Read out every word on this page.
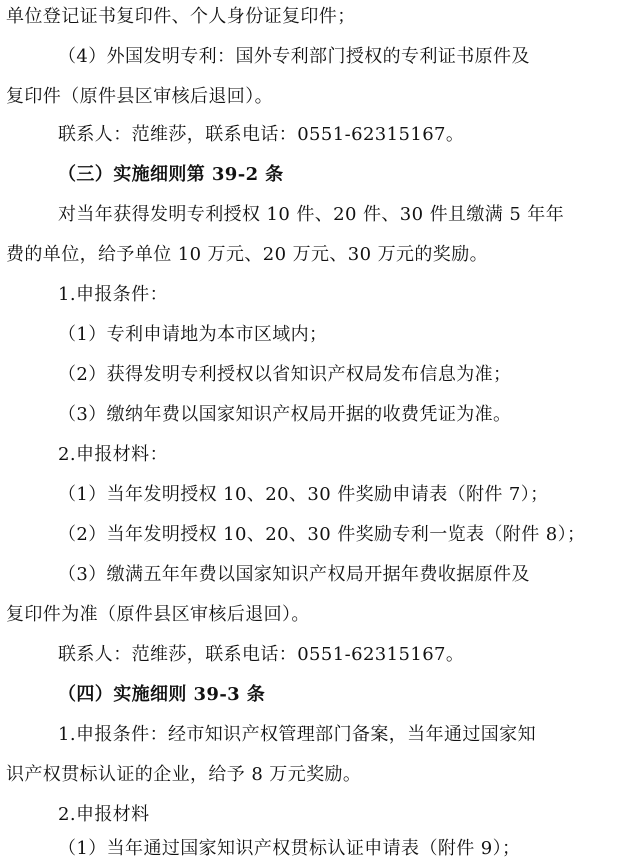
单位登记证书复印件、个人身份证复印件；
（4）外国发明专利：国外专利部门授权的专利证书原件及
复印件（原件县区审核后退回）。
联系人：范维莎，联系电话：0551-62315167。
（三）实施细则第 39-2 条
对当年获得发明专利授权 10 件、20 件、30 件且缴满 5 年年
费的单位，给予单位 10 万元、20 万元、30 万元的奖励。
1.申报条件：
（1）专利申请地为本市区域内；
（2）获得发明专利授权以省知识产权局发布信息为准；
（3）缴纳年费以国家知识产权局开据的收费凭证为准。
2.申报材料：
（1）当年发明授权 10、20、30 件奖励申请表（附件 7）；
（2）当年发明授权 10、20、30 件奖励专利一览表（附件 8）；
（3）缴满五年年费以国家知识产权局开据年费收据原件及
复印件为准（原件县区审核后退回）。
联系人：范维莎，联系电话：0551-62315167。
（四）实施细则 39-3 条
1.申报条件：经市知识产权管理部门备案，当年通过国家知
识产权贯标认证的企业，给予 8 万元奖励。
2.申报材料
（1）当年通过国家知识产权贯标认证申请表（附件 9）；
